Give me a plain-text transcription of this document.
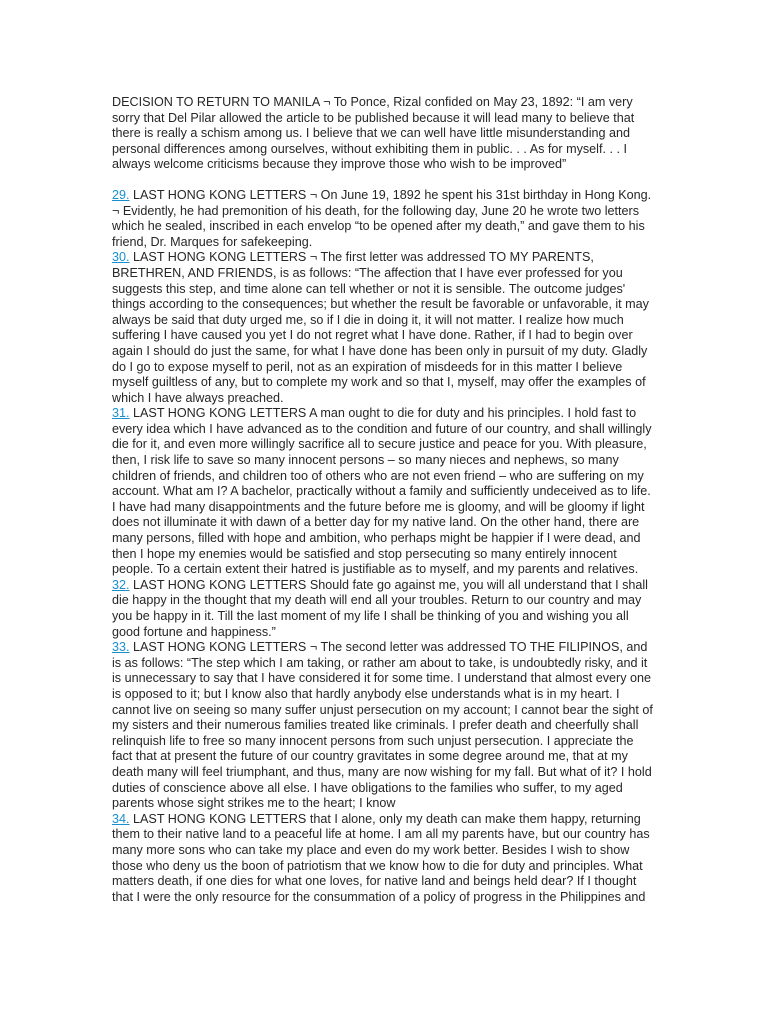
DECISION TO RETURN TO MANILA ¬ To Ponce, Rizal confided on May 23, 1892: “I am very sorry that Del Pilar allowed the article to be published because it will lead many to believe that there is really a schism among us. I believe that we can well have little misunderstanding and personal differences among ourselves, without exhibiting them in public. . . As for myself. . . I always welcome criticisms because they improve those who wish to be improved”

29. LAST HONG KONG LETTERS ¬ On June 19, 1892 he spent his 31st birthday in Hong Kong. ¬ Evidently, he had premonition of his death, for the following day, June 20 he wrote two letters which he sealed, inscribed in each envelop “to be opened after my death,” and gave them to his friend, Dr. Marques for safekeeping.

30. LAST HONG KONG LETTERS ¬ The first letter was addressed TO MY PARENTS, BRETHREN, AND FRIENDS, is as follows: “The affection that I have ever professed for you suggests this step, and time alone can tell whether or not it is sensible. The outcome judges' things according to the consequences; but whether the result be favorable or unfavorable, it may always be said that duty urged me, so if I die in doing it, it will not matter. I realize how much suffering I have caused you yet I do not regret what I have done. Rather, if I had to begin over again I should do just the same, for what I have done has been only in pursuit of my duty. Gladly do I go to expose myself to peril, not as an expiration of misdeeds for in this matter I believe myself guiltless of any, but to complete my work and so that I, myself, may offer the examples of which I have always preached.

31. LAST HONG KONG LETTERS A man ought to die for duty and his principles. I hold fast to every idea which I have advanced as to the condition and future of our country, and shall willingly die for it, and even more willingly sacrifice all to secure justice and peace for you. With pleasure, then, I risk life to save so many innocent persons – so many nieces and nephews, so many children of friends, and children too of others who are not even friend – who are suffering on my account. What am I? A bachelor, practically without a family and sufficiently undeceived as to life. I have had many disappointments and the future before me is gloomy, and will be gloomy if light does not illuminate it with dawn of a better day for my native land. On the other hand, there are many persons, filled with hope and ambition, who perhaps might be happier if I were dead, and then I hope my enemies would be satisfied and stop persecuting so many entirely innocent people. To a certain extent their hatred is justifiable as to myself, and my parents and relatives.

32. LAST HONG KONG LETTERS Should fate go against me, you will all understand that I shall die happy in the thought that my death will end all your troubles. Return to our country and may you be happy in it. Till the last moment of my life I shall be thinking of you and wishing you all good fortune and happiness.”

33. LAST HONG KONG LETTERS ¬ The second letter was addressed TO THE FILIPINOS, and is as follows: “The step which I am taking, or rather am about to take, is undoubtedly risky, and it is unnecessary to say that I have considered it for some time. I understand that almost every one is opposed to it; but I know also that hardly anybody else understands what is in my heart. I cannot live on seeing so many suffer unjust persecution on my account; I cannot bear the sight of my sisters and their numerous families treated like criminals. I prefer death and cheerfully shall relinquish life to free so many innocent persons from such unjust persecution. I appreciate the fact that at present the future of our country gravitates in some degree around me, that at my death many will feel triumphant, and thus, many are now wishing for my fall. But what of it? I hold duties of conscience above all else. I have obligations to the families who suffer, to my aged parents whose sight strikes me to the heart; I know

34. LAST HONG KONG LETTERS that I alone, only my death can make them happy, returning them to their native land to a peaceful life at home. I am all my parents have, but our country has many more sons who can take my place and even do my work better. Besides I wish to show those who deny us the boon of patriotism that we know how to die for duty and principles. What matters death, if one dies for what one loves, for native land and beings held dear? If I thought that I were the only resource for the consummation of a policy of progress in the Philippines and
